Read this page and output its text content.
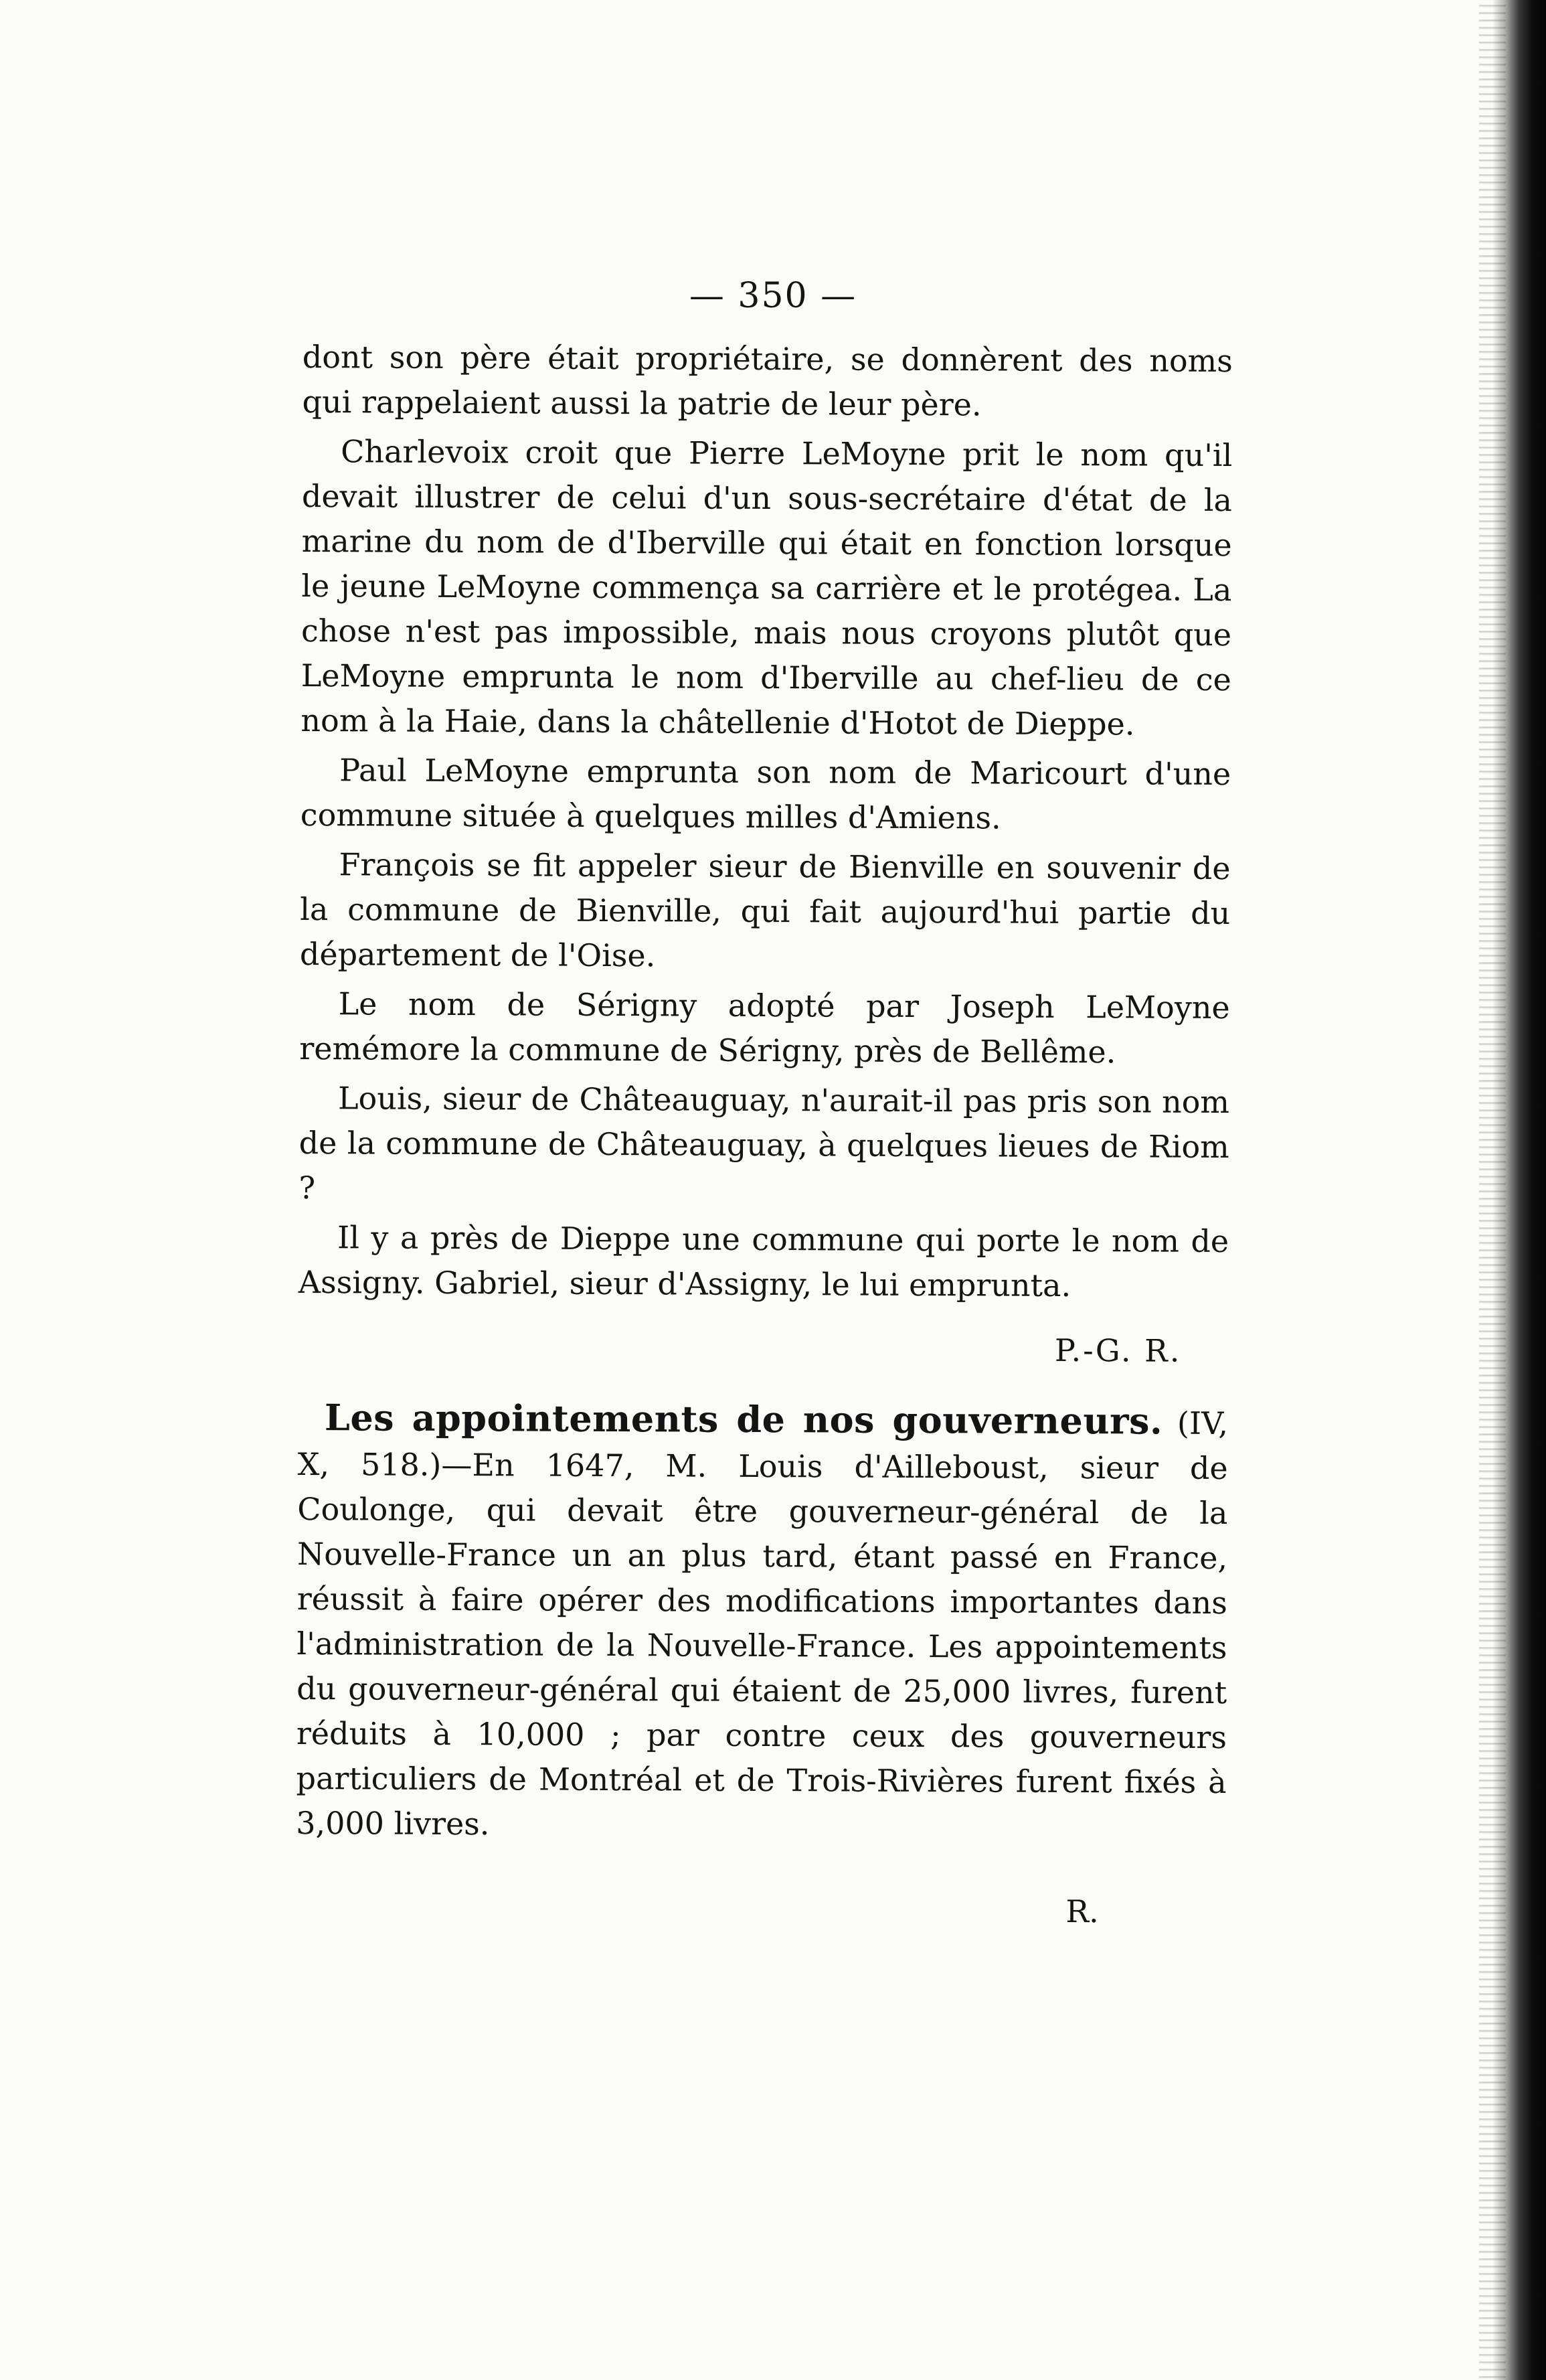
— 350 —

dont son père était propriétaire, se donnèrent des noms qui rappelaient aussi la patrie de leur père.

Charlevoix croit que Pierre LeMoyne prit le nom qu'il devait illustrer de celui d'un sous-secrétaire d'état de la marine du nom de d'Iberville qui était en fonction lorsque le jeune LeMoyne commença sa carrière et le protégea. La chose n'est pas impossible, mais nous croyons plutôt que LeMoyne emprunta le nom d'Iberville au chef-lieu de ce nom à la Haie, dans la châtellenie d'Hotot de Dieppe.

Paul LeMoyne emprunta son nom de Maricourt d'une commune située à quelques milles d'Amiens.

François se fit appeler sieur de Bienville en souvenir de la commune de Bienville, qui fait aujourd'hui partie du département de l'Oise.

Le nom de Sérigny adopté par Joseph LeMoyne remémore la commune de Sérigny, près de Bellême.

Louis, sieur de Châteauguay, n'aurait-il pas pris son nom de la commune de Châteauguay, à quelques lieues de Riom ?

Il y a près de Dieppe une commune qui porte le nom de Assigny. Gabriel, sieur d'Assigny, le lui emprunta.

P.-G. R.

Les appointements de nos gouverneurs. (IV, X, 518.)—En 1647, M. Louis d'Ailleboust, sieur de Coulonge, qui devait être gouverneur-général de la Nouvelle-France un an plus tard, étant passé en France, réussit à faire opérer des modifications importantes dans l'administration de la Nouvelle-France. Les appointements du gouverneur-général qui étaient de 25,000 livres, furent réduits à 10,000 ; par contre ceux des gouverneurs particuliers de Montréal et de Trois-Rivières furent fixés à 3,000 livres.

R.
